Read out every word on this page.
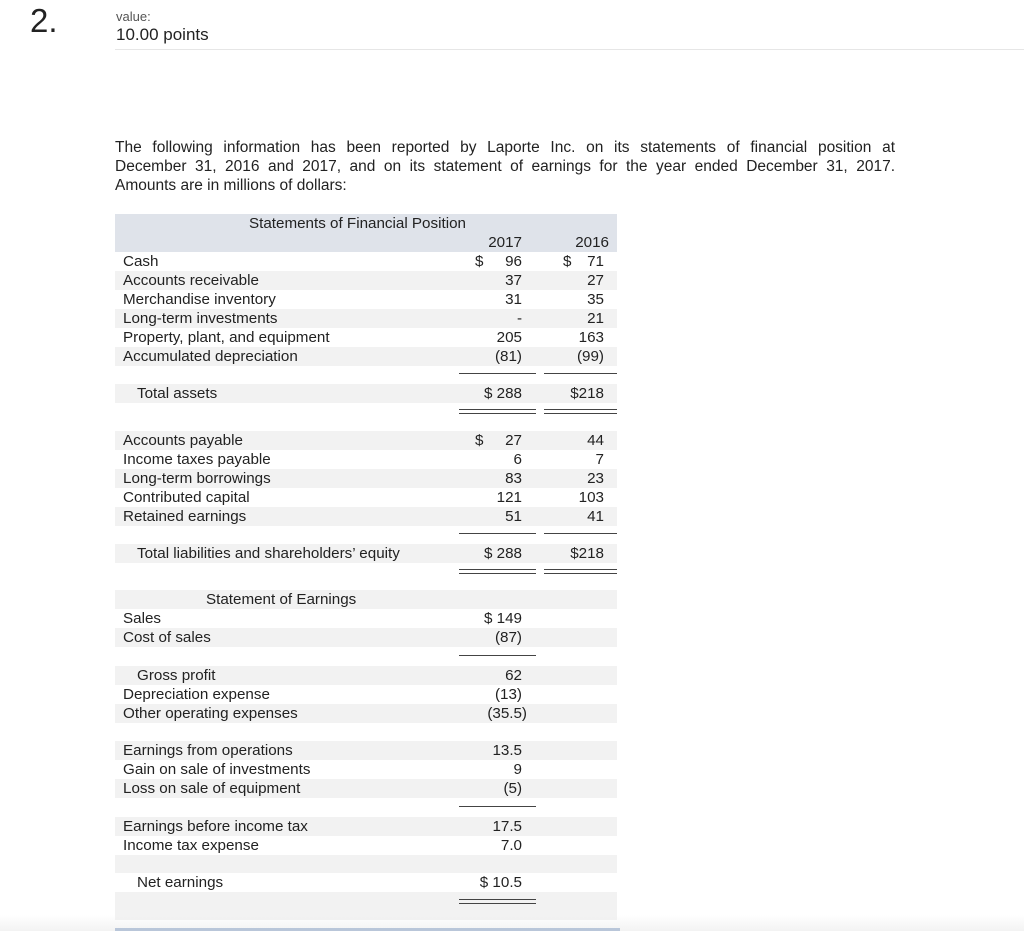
2.	value:
10.00 points
The following information has been reported by Laporte Inc. on its statements of financial position at
December 31, 2016 and 2017, and on its statement of earnings for the year ended December 31, 2017.
Amounts are in millions of dollars:
Statements of Financial Position
2017	2016
Cash	$	96	$	71
Accounts receivable	37	27
Merchandise inventory	31	35
Long-term investments	-	21
Property, plant, and equipment	205	163
Accumulated depreciation	(81)	(99)
Total assets	$ 288	$218
Accounts payable	$	27	44
Income taxes payable	6	7
Long-term borrowings	83	23
Contributed capital	121	103
Retained earnings	51	41
Total liabilities and shareholders’ equity	$ 288	$218
Statement of Earnings
Sales	$ 149
Cost of sales	(87)
Gross profit	62
Depreciation expense	(13)
Other operating expenses	(35.5)
Earnings from operations	13.5
Gain on sale of investments	9
Loss on sale of equipment	(5)
Earnings before income tax	17.5
Income tax expense	7.0
Net earnings	$ 10.5
